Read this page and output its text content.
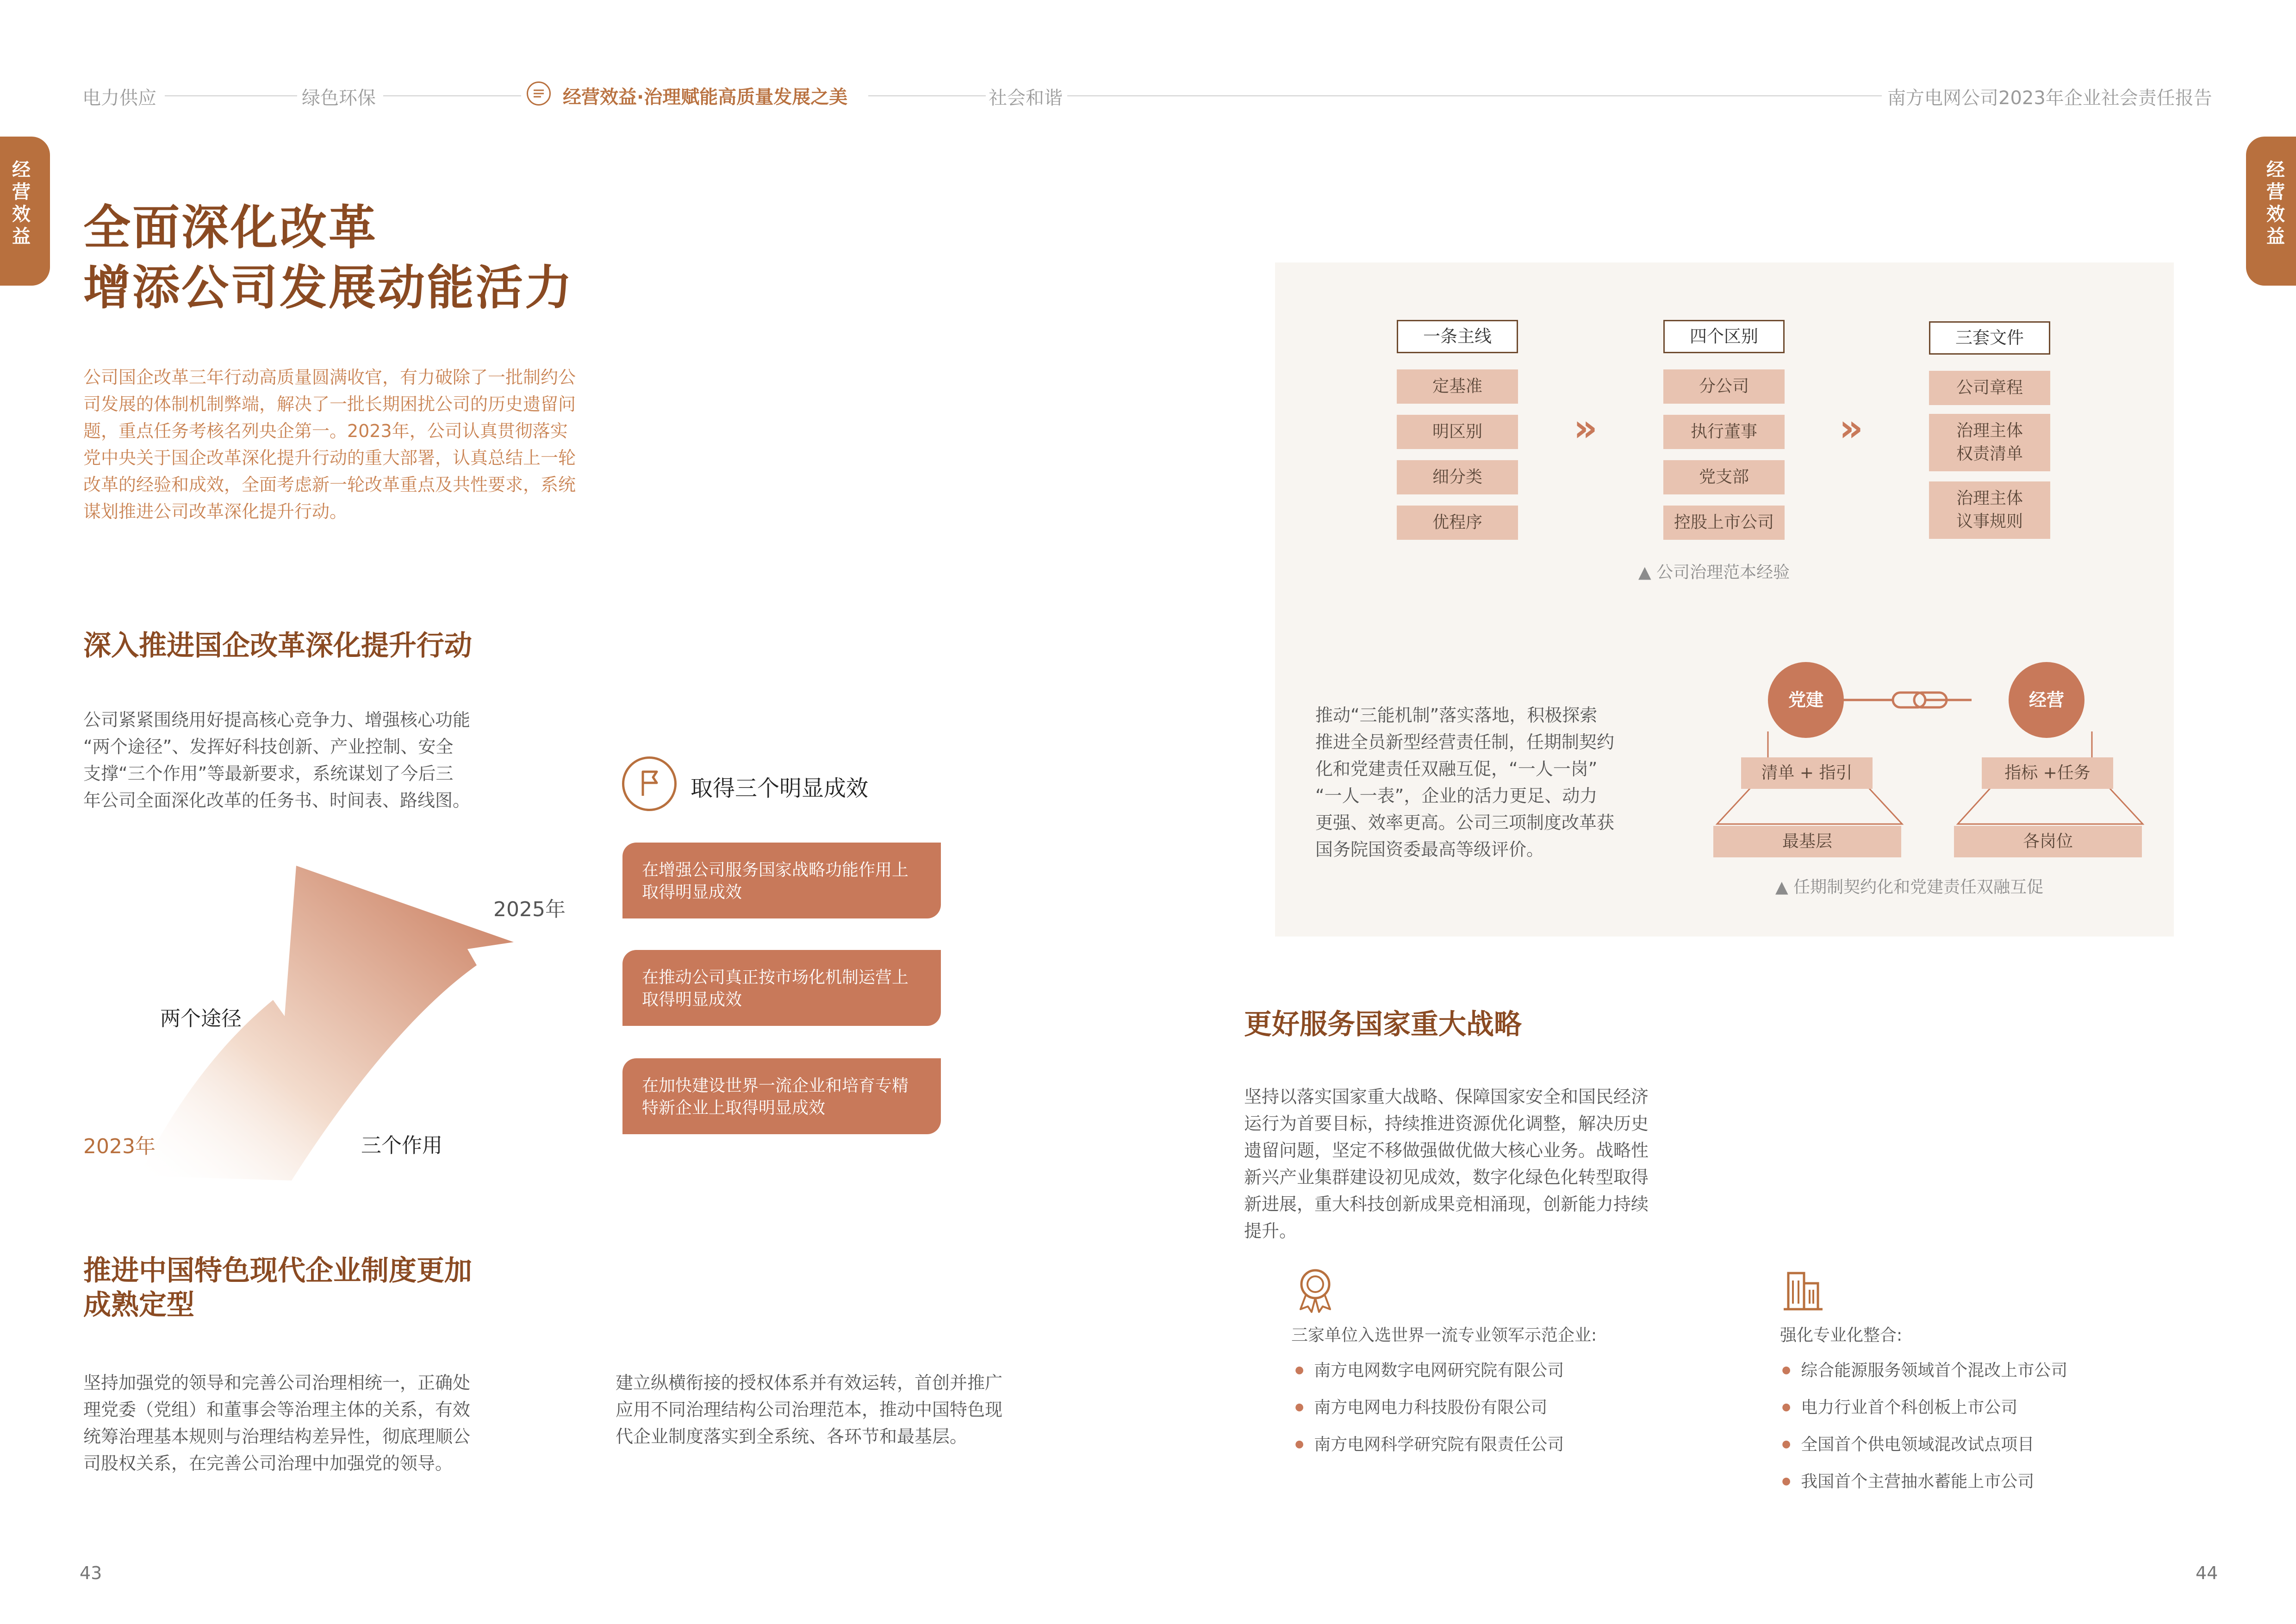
电力供应	绿色环保	经营效益·治理赋能高质量发展之美	社会和谐	南方电网公司2023年企业社会责任报告
经
营
效
益
经
营
效
益
全面深化改革
增添公司发展动能活力
公司国企改革三年行动高质量圆满收官，有力破除了一批制约公
司发展的体制机制弊端，解决了一批长期困扰公司的历史遗留问
题，重点任务考核名列央企第一。2023年，公司认真贯彻落实
党中央关于国企改革深化提升行动的重大部署，认真总结上一轮
改革的经验和成效，全面考虑新一轮改革重点及共性要求，系统
谋划推进公司改革深化提升行动。
深入推进国企改革深化提升行动
公司紧紧围绕用好提高核心竞争力、增强核心功能
“两个途径”、发挥好科技创新、产业控制、安全
支撑“三个作用”等最新要求，系统谋划了今后三
年公司全面深化改革的任务书、时间表、路线图。
2025年
两个途径
2023年	三个作用
取得三个明显成效
在增强公司服务国家战略功能作用上
取得明显成效
在推动公司真正按市场化机制运营上
取得明显成效
在加快建设世界一流企业和培育专精
特新企业上取得明显成效
推进中国特色现代企业制度更加
成熟定型
坚持加强党的领导和完善公司治理相统一，正确处
理党委（党组）和董事会等治理主体的关系，有效
统筹治理基本规则与治理结构差异性，彻底理顺公
司股权关系，在完善公司治理中加强党的领导。
建立纵横衔接的授权体系并有效运转，首创并推广
应用不同治理结构公司治理范本，推动中国特色现
代企业制度落实到全系统、各环节和最基层。
43
一条主线
定基准
明区别
细分类
优程序
»
四个区别
分公司
执行董事
党支部
控股上市公司
»
三套文件
公司章程
治理主体
权责清单
治理主体
议事规则
▲ 公司治理范本经验
推动“三能机制”落实落地，积极探索
推进全员新型经营责任制，任期制契约
化和党建责任双融互促，“一人一岗”
“一人一表”，企业的活力更足、动力
更强、效率更高。公司三项制度改革获
国务院国资委最高等级评价。
党建	经营
清单 + 指引	指标 +任务
最基层	各岗位
▲ 任期制契约化和党建责任双融互促
更好服务国家重大战略
坚持以落实国家重大战略、保障国家安全和国民经济
运行为首要目标，持续推进资源优化调整，解决历史
遗留问题，坚定不移做强做优做大核心业务。战略性
新兴产业集群建设初见成效，数字化绿色化转型取得
新进展，重大科技创新成果竞相涌现，创新能力持续
提升。
三家单位入选世界一流专业领军示范企业:
● 南方电网数字电网研究院有限公司
● 南方电网电力科技股份有限公司
● 南方电网科学研究院有限责任公司
强化专业化整合:
● 综合能源服务领域首个混改上市公司
● 电力行业首个科创板上市公司
● 全国首个供电领域混改试点项目
● 我国首个主营抽水蓄能上市公司
44
